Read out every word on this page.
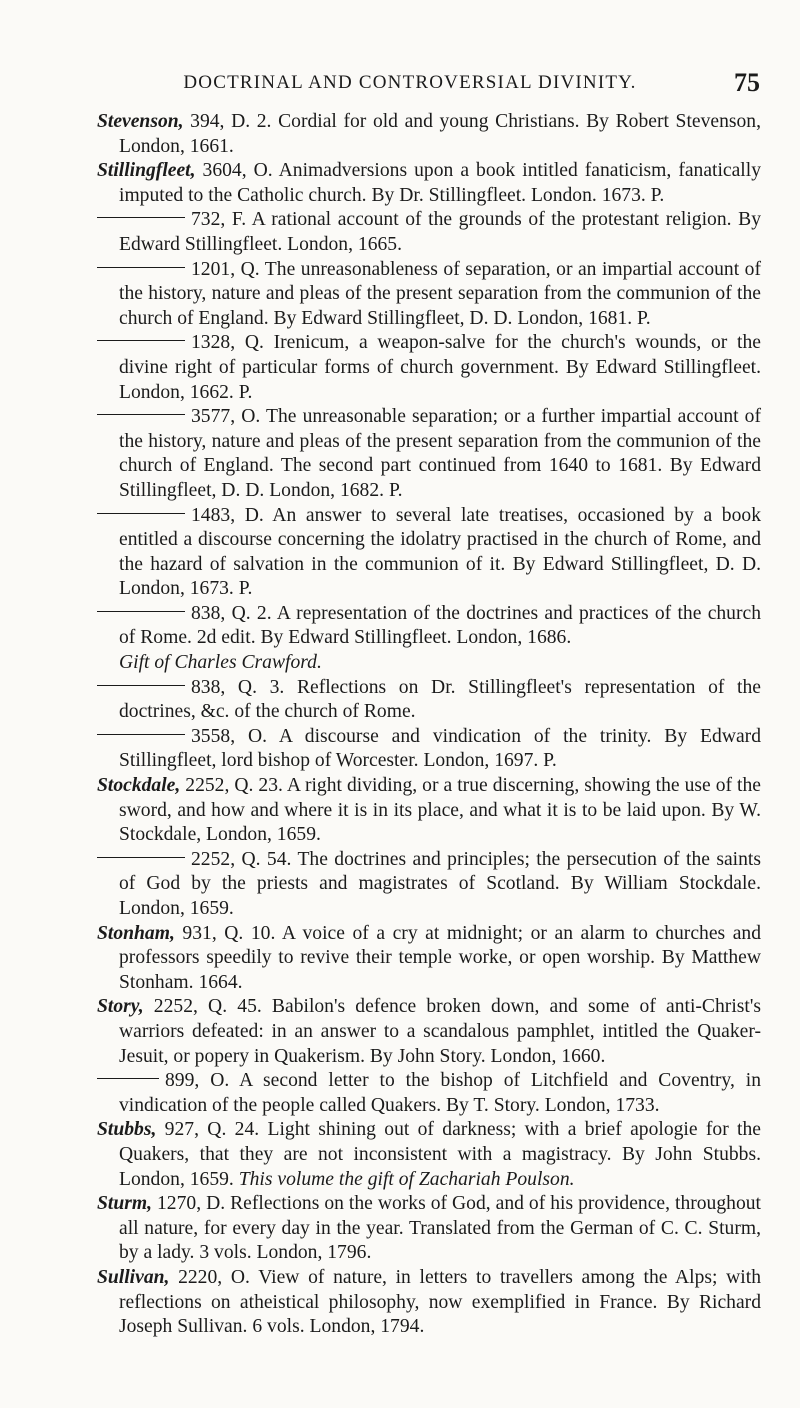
DOCTRINAL AND CONTROVERSIAL DIVINITY.	75

Stevenson, 394, D. 2. Cordial for old and young Christians. By Robert Stevenson, London, 1661.

Stillingfleet, 3604, O. Animadversions upon a book intitled fanaticism, fanatically imputed to the Catholic church. By Dr. Stillingfleet. London. 1673. P.

732, F. A rational account of the grounds of the protestant religion. By Edward Stillingfleet. London, 1665.

1201, Q. The unreasonableness of separation, or an impartial account of the history, nature and pleas of the present separation from the communion of the church of England. By Edward Stillingfleet, D. D. London, 1681. P.

1328, Q. Irenicum, a weapon-salve for the church's wounds, or the divine right of particular forms of church government. By Edward Stillingfleet. London, 1662. P.

3577, O. The unreasonable separation; or a further impartial account of the history, nature and pleas of the present separation from the communion of the church of England. The second part continued from 1640 to 1681. By Edward Stillingfleet, D. D. London, 1682. P.

1483, D. An answer to several late treatises, occasioned by a book entitled a discourse concerning the idolatry practised in the church of Rome, and the hazard of salvation in the communion of it. By Edward Stillingfleet, D. D. London, 1673. P.

838, Q. 2. A representation of the doctrines and practices of the church of Rome. 2d edit. By Edward Stillingfleet. London, 1686.
Gift of Charles Crawford.

838, Q. 3. Reflections on Dr. Stillingfleet's representation of the doctrines, &c. of the church of Rome.

3558, O. A discourse and vindication of the trinity. By Edward Stillingfleet, lord bishop of Worcester. London, 1697. P.

Stockdale, 2252, Q. 23. A right dividing, or a true discerning, showing the use of the sword, and how and where it is in its place, and what it is to be laid upon. By W. Stockdale, London, 1659.

2252, Q. 54. The doctrines and principles; the persecution of the saints of God by the priests and magistrates of Scotland. By William Stockdale. London, 1659.

Stonham, 931, Q. 10. A voice of a cry at midnight; or an alarm to churches and professors speedily to revive their temple worke, or open worship. By Matthew Stonham. 1664.

Story, 2252, Q. 45. Babilon's defence broken down, and some of anti-Christ's warriors defeated: in an answer to a scandalous pamphlet, intitled the Quaker-Jesuit, or popery in Quakerism. By John Story. London, 1660.

899, O. A second letter to the bishop of Litchfield and Coventry, in vindication of the people called Quakers. By T. Story. London, 1733.

Stubbs, 927, Q. 24. Light shining out of darkness; with a brief apologie for the Quakers, that they are not inconsistent with a magistracy. By John Stubbs. London, 1659. This volume the gift of Zachariah Poulson.

Sturm, 1270, D. Reflections on the works of God, and of his providence, throughout all nature, for every day in the year. Translated from the German of C. C. Sturm, by a lady. 3 vols. London, 1796.

Sullivan, 2220, O. View of nature, in letters to travellers among the Alps; with reflections on atheistical philosophy, now exemplified in France. By Richard Joseph Sullivan. 6 vols. London, 1794.
